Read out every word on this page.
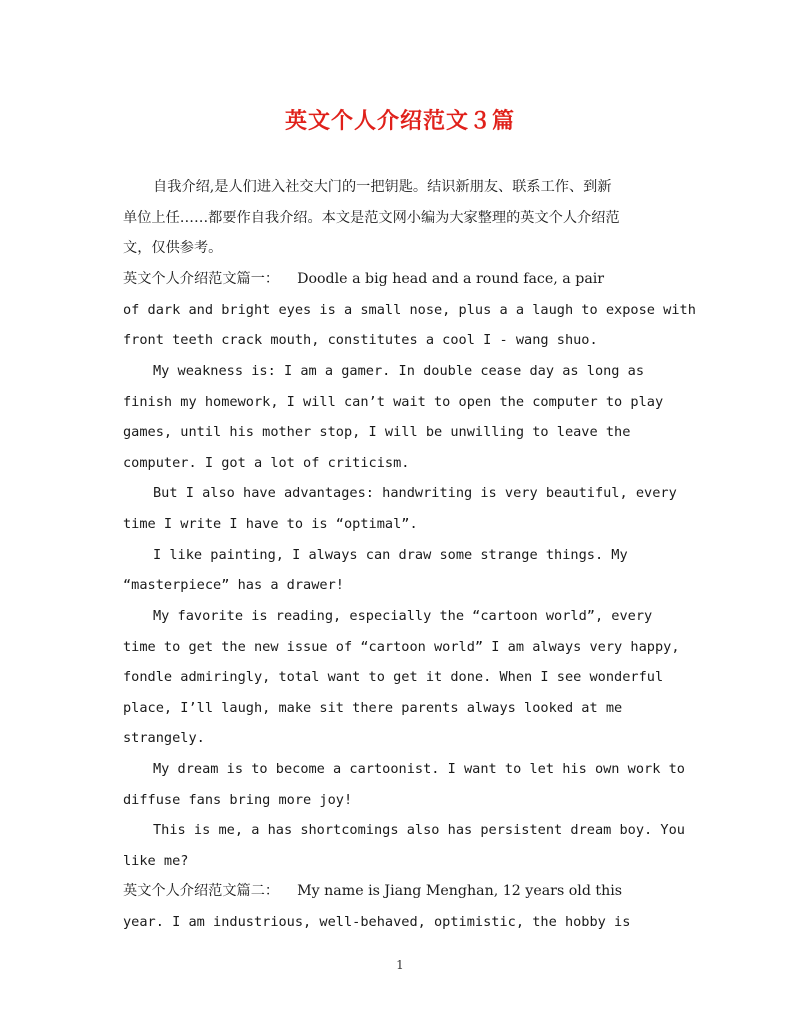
英文个人介绍范文３篇
自我介绍,是人们进入社交大门的一把钥匙。结识新朋友、联系工作、到新
单位上任……都要作自我介绍。本文是范文网小编为大家整理的英文个人介绍范
文，仅供参考。
英文个人介绍范文篇一：    Doodle a big head and a round face, a pair
of dark and bright eyes is a small nose, plus a a laugh to expose with
front teeth crack mouth, constitutes a cool I - wang shuo.
My weakness is: I am a gamer. In double cease day as long as
finish my homework, I will can’t wait to open the computer to play
games, until his mother stop, I will be unwilling to leave the
computer. I got a lot of criticism.
But I also have advantages: handwriting is very beautiful, every
time I write I have to is “optimal”.
I like painting, I always can draw some strange things. My
“masterpiece” has a drawer!
My favorite is reading, especially the “cartoon world”, every
time to get the new issue of “cartoon world” I am always very happy,
fondle admiringly, total want to get it done. When I see wonderful
place, I’ll laugh, make sit there parents always looked at me
strangely.
My dream is to become a cartoonist. I want to let his own work to
diffuse fans bring more joy!
This is me, a has shortcomings also has persistent dream boy. You
like me?
英文个人介绍范文篇二：    My name is Jiang Menghan, 12 years old this
year. I am industrious, well-behaved, optimistic, the hobby is
1
